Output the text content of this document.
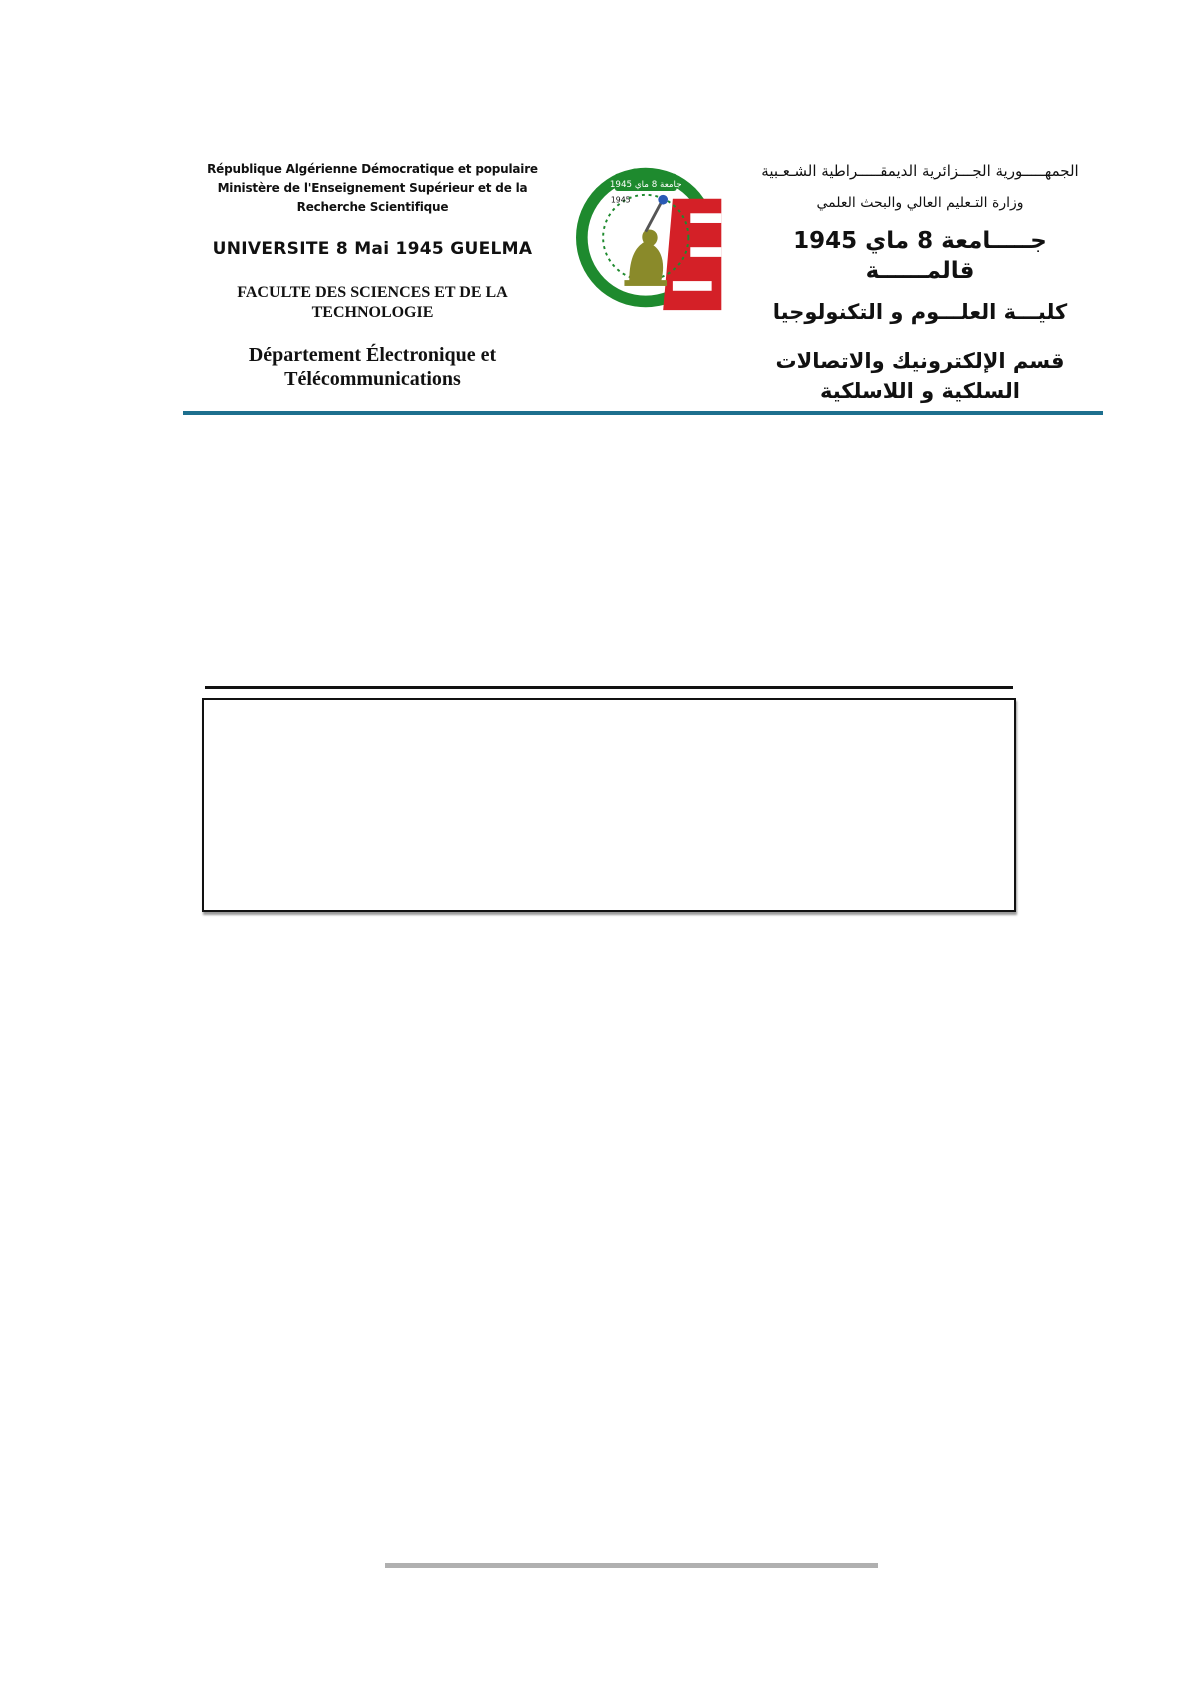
République Algérienne Démocratique et populaire
Ministère de l'Enseignement Supérieur et de la
Recherche Scientifique
UNIVERSITE 8 Mai 1945 GUELMA
FACULTE DES SCIENCES ET DE LA
TECHNOLOGIE
Département Électronique et
Télécommunications
جامعة 8 ماي 1945
1945
الجمهـــــورية الجـــزائرية الديمقـــــراطية الشـعـبية
وزارة التـعليم العالي والبحث العلمي
جـــــامعة 8 ماي 1945 قالمــــــة
كليـــة العلـــوم و التكنولوجيا
قسم الإلكترونيك والاتصالات
السلكية و اللاسلكية
